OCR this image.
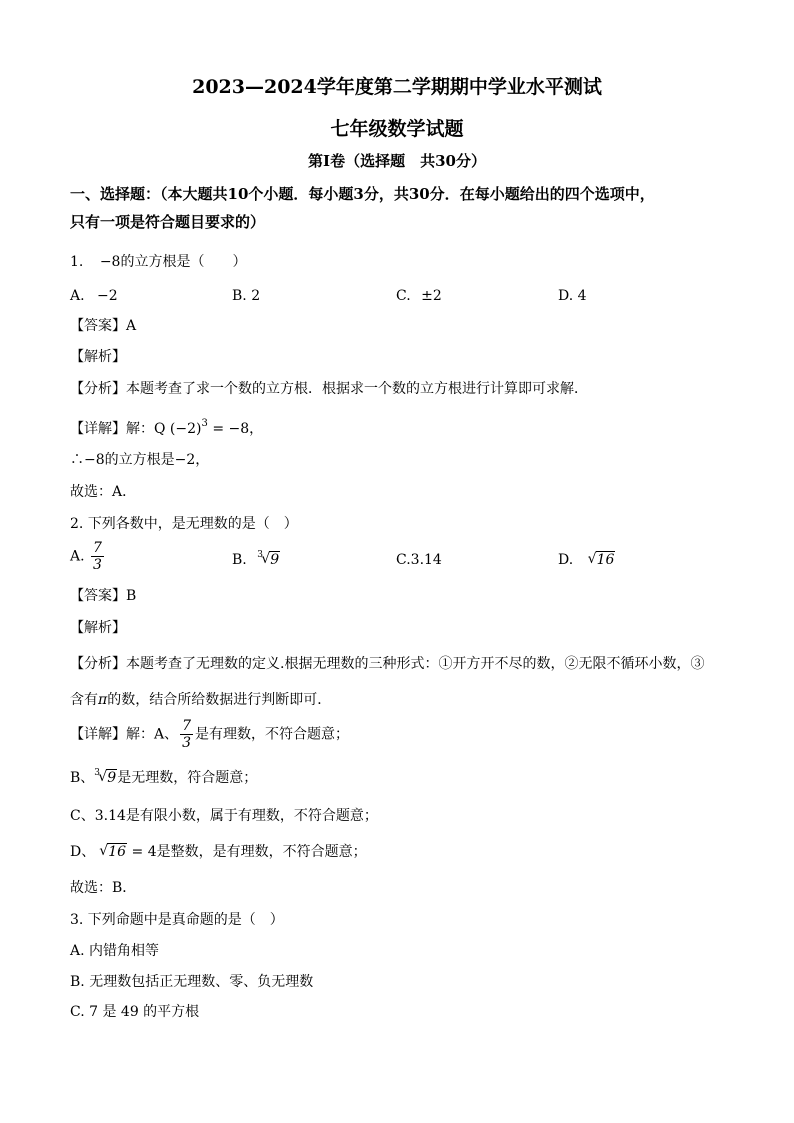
2023—2024学年度第二学期期中学业水平测试
七年级数学试题
第Ⅰ卷（选择题　共30分）
一、选择题：（本大题共10个小题．每小题3分，共30分．在每小题给出的四个选项中，
只有一项是符合题目要求的）
1. −8的立方根是（　　）
A. −2	B. 2	C. ±2	D. 4
【答案】A
【解析】
【分析】本题考查了求一个数的立方根．根据求一个数的立方根进行计算即可求解．
【详解】解：Q $(-2)^3 = -8$，
∴−8的立方根是−2，
故选：A．
2. 下列各数中，是无理数的是（　）
A. $\frac{7}{3}$	B. 3
√ 9	C.3.14	D. √ 16
【答案】B
【解析】
【分析】本题考查了无理数的定义.根据无理数的三种形式：①开方开不尽的数，②无限不循环小数，③
含有π的数，结合所给数据进行判断即可．
【详解】解：A、 $\frac{7}{3}$ 是有理数，不符合题意；
B、 3
√ 9是无理数，符合题意；
C、3.14是有限小数，属于有理数，不符合题意；
D、 √ 16 = 4是整数，是有理数，不符合题意；
故选：B．
3. 下列命题中是真命题的是（　）
A. 内错角相等
B. 无理数包括正无理数、零、负无理数
C. 7 是 49 的平方根
